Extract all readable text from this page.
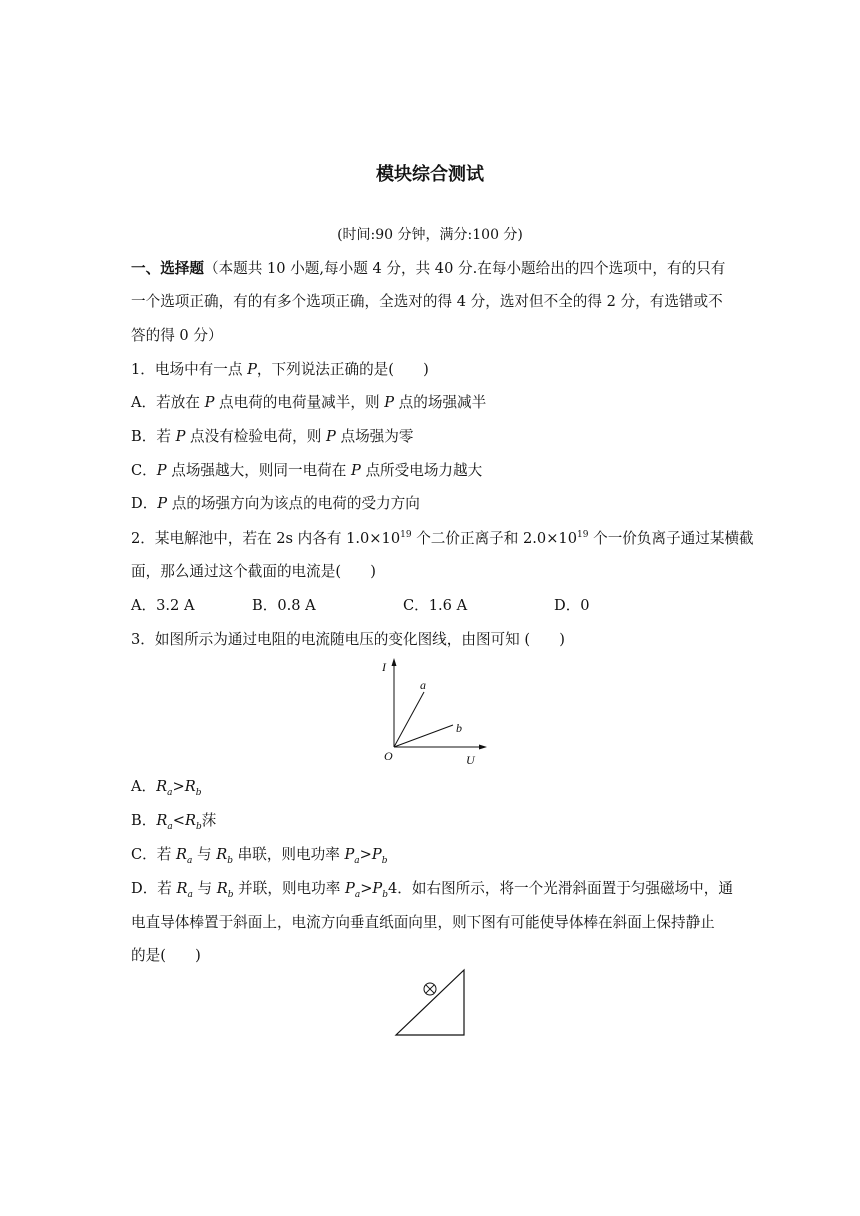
模块综合测试
(时间:90 分钟，满分:100 分)
一、选择题（本题共 10 小题,每小题 4 分，共 40 分.在每小题给出的四个选项中，有的只有
一个选项正确，有的有多个选项正确，全选对的得 4 分，选对但不全的得 2 分，有选错或不
答的得 0 分）
1．电场中有一点 P，下列说法正确的是(　　)
A．若放在 P 点电荷的电荷量减半，则 P 点的场强减半
B．若 P 点没有检验电荷，则 P 点场强为零
C．P 点场强越大，则同一电荷在 P 点所受电场力越大
D．P 点的场强方向为该点的电荷的受力方向
2．某电解池中，若在 2s 内各有 $1.0\times 10^{19}$ 个二价正离子和 $2.0\times 10^{19}$ 个一价负离子通过某横截
面，那么通过这个截面的电流是(　　)
A．3.2 A	B．0.8 A	C．1.6 A	D．0
3．如图所示为通过电阻的电流随电压的变化图线，由图可知 (　　)
I
U
O
a
b
A．$R_a>R_b$
B．$R_a<R_b$莯
C．若 $R_a$ 与 $R_b$ 串联，则电功率 $P_a>P_b$
D．若 $R_a$ 与 $R_b$ 并联，则电功率 $P_a>P_b4$．如右图所示，将一个光滑斜面置于匀强磁场中，通
电直导体棒置于斜面上，电流方向垂直纸面向里，则下图有可能使导体棒在斜面上保持静止
的是(　　)
